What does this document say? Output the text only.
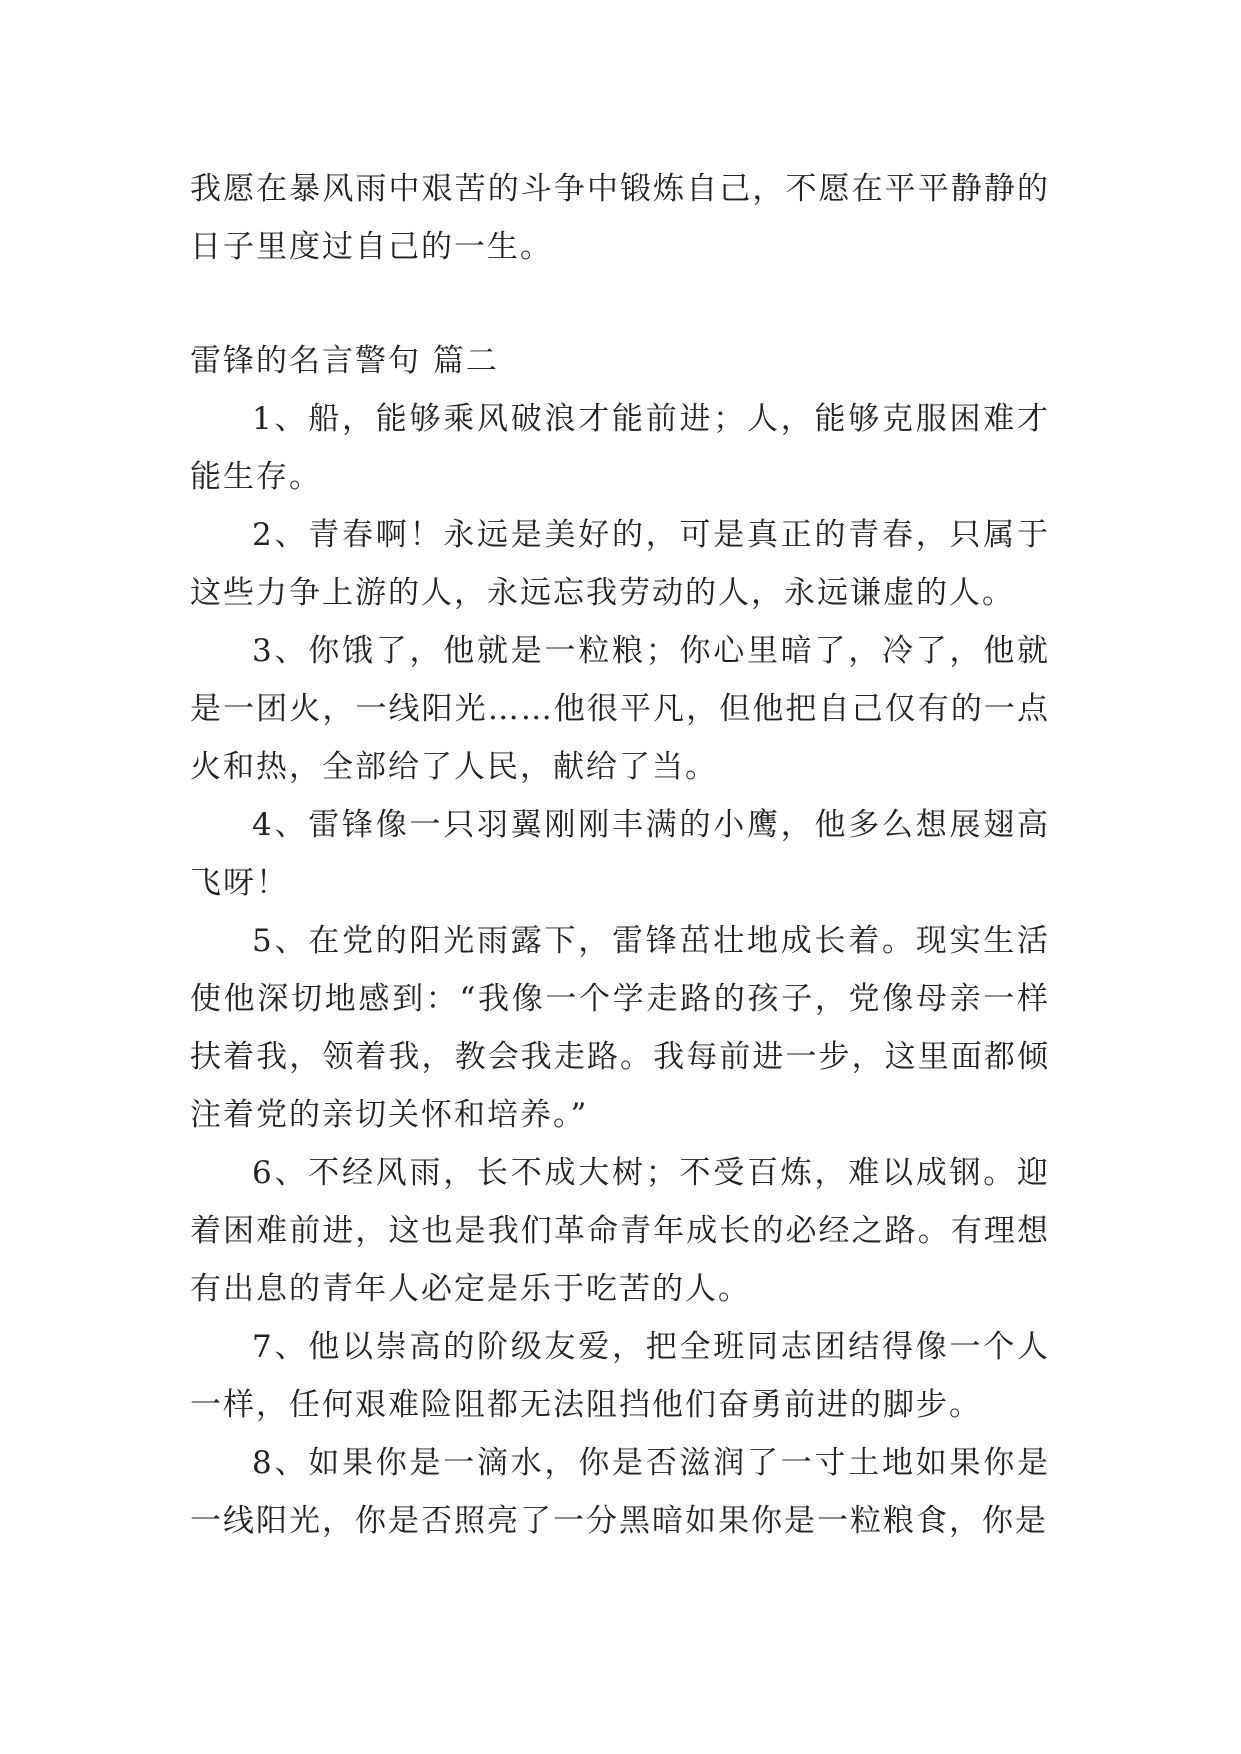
我愿在暴风雨中艰苦的斗争中锻炼自己，不愿在平平静静的日子里度过自己的一生。

雷锋的名言警句 篇二

1、船，能够乘风破浪才能前进；人，能够克服困难才能生存。

2、青春啊！永远是美好的，可是真正的青春，只属于这些力争上游的人，永远忘我劳动的人，永远谦虚的人。

3、你饿了，他就是一粒粮；你心里暗了，冷了，他就是一团火，一线阳光……他很平凡，但他把自己仅有的一点火和热，全部给了人民，献给了当。

4、雷锋像一只羽翼刚刚丰满的小鹰，他多么想展翅高飞呀！

5、在党的阳光雨露下，雷锋茁壮地成长着。现实生活使他深切地感到：“我像一个学走路的孩子，党像母亲一样扶着我，领着我，教会我走路。我每前进一步，这里面都倾注着党的亲切关怀和培养。”

6、不经风雨，长不成大树；不受百炼，难以成钢。迎着困难前进，这也是我们革命青年成长的必经之路。有理想有出息的青年人必定是乐于吃苦的人。

7、他以崇高的阶级友爱，把全班同志团结得像一个人一样，任何艰难险阻都无法阻挡他们奋勇前进的脚步。

8、如果你是一滴水，你是否滋润了一寸土地如果你是一线阳光，你是否照亮了一分黑暗如果你是一粒粮食，你是
